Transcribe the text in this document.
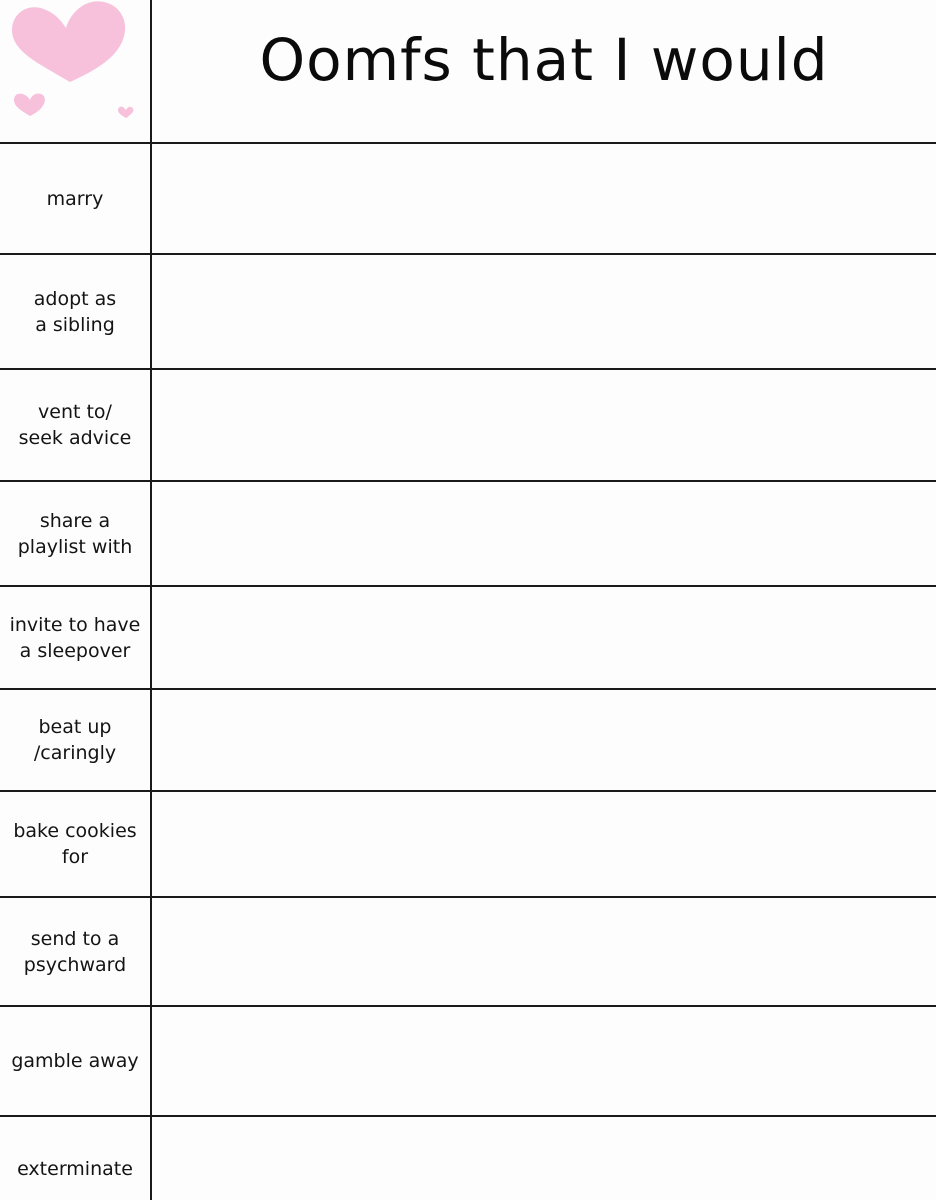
Oomfs that I would
marry
adopt as
a sibling
vent to/
seek advice
share a
playlist with
invite to have
a sleepover
beat up
/caringly
bake cookies
for
send to a
psychward
gamble away
exterminate
